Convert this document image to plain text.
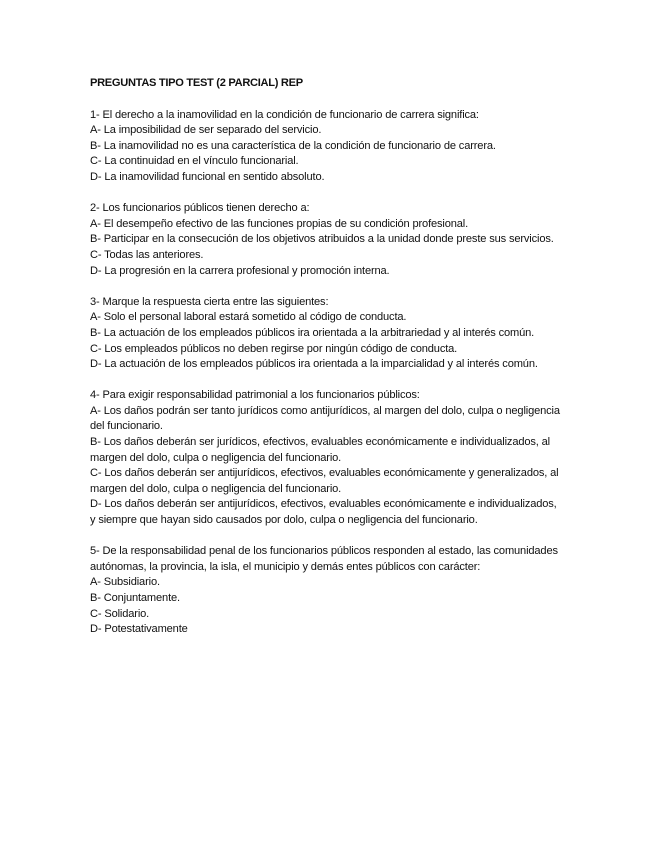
PREGUNTAS TIPO TEST (2 PARCIAL) REP
1- El derecho a la inamovilidad en la condición de funcionario de carrera significa:
A- La imposibilidad de ser separado del servicio.
B- La inamovilidad no es una característica de la condición de funcionario de carrera.
C- La continuidad en el vínculo funcionarial.
D- La inamovilidad funcional en sentido absoluto.
2- Los funcionarios públicos tienen derecho a:
A- El desempeño efectivo de las funciones propias de su condición profesional.
B- Participar en la consecución de los objetivos atribuidos a la unidad donde preste sus servicios.
C- Todas las anteriores.
D- La progresión en la carrera profesional y promoción interna.
3- Marque la respuesta cierta entre las siguientes:
A- Solo el personal laboral estará sometido al código de conducta.
B- La actuación de los empleados públicos ira orientada a la arbitrariedad y al interés común.
C- Los empleados públicos no deben regirse por ningún código de conducta.
D- La actuación de los empleados públicos ira orientada a la imparcialidad y al interés común.
4- Para exigir responsabilidad patrimonial a los funcionarios públicos:
A- Los daños podrán ser tanto jurídicos como antijurídicos, al margen del dolo, culpa o negligencia del funcionario.
B- Los daños deberán ser jurídicos, efectivos, evaluables económicamente e individualizados, al margen del dolo, culpa o negligencia del funcionario.
C- Los daños deberán ser antijurídicos, efectivos, evaluables económicamente y generalizados, al margen del dolo, culpa o negligencia del funcionario.
D- Los daños deberán ser antijurídicos, efectivos, evaluables económicamente e individualizados, y siempre que hayan sido causados por dolo, culpa o negligencia del funcionario.
5- De la responsabilidad penal de los funcionarios públicos responden al estado, las comunidades autónomas, la provincia, la isla, el municipio y demás entes públicos con carácter:
A- Subsidiario.
B- Conjuntamente.
C- Solidario.
D- Potestativamente
